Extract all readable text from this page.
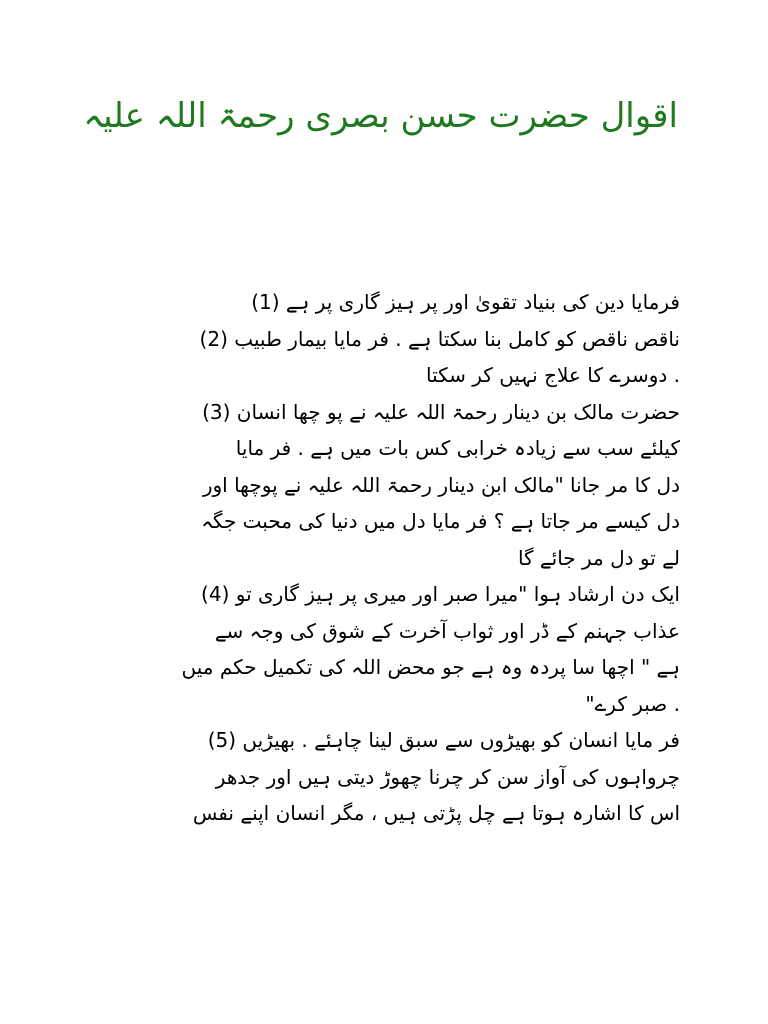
اقوال حضرت حسن بصری رحمۃ اللہ علیہ
فرمایا دین کی بنیاد تقویٰ اور پر ہیز گاری پر ہے (1)
ناقص ناقص کو کامل بنا سکتا ہے . فر مایا بیمار طبیب (2)
. دوسرے کا علاج نہیں کر سکتا
حضرت مالک بن دینار رحمۃ اللہ علیہ نے پو چھا انسان (3)
کیلئے سب سے زیادہ خرابی کس بات میں ہے . فر مایا
دل کا مر جانا "مالک ابن دینار رحمۃ اللہ علیہ نے پوچھا اور
دل کیسے مر جاتا ہے ؟ فر مایا دل میں دنیا کی محبت جگہ
لے تو دل مر جائے گا
ایک دن ارشاد ہوا "میرا صبر اور میری پر ہیز گاری تو (4)
عذاب جہنم کے ڈر اور ثواب آخرت کے شوق کی وجہ سے
ہے " اچھا سا پردہ وہ ہے جو محض اللہ کی تکمیل حکم میں
. صبر کرے"
فر مایا انسان کو بھیڑوں سے سبق لینا چاہئے . بھیڑیں (5)
چرواہوں کی آواز سن کر چرنا چھوڑ دیتی ہیں اور جدھر
اس کا اشارہ ہوتا ہے چل پڑتی ہیں ، مگر انسان اپنے نفس
